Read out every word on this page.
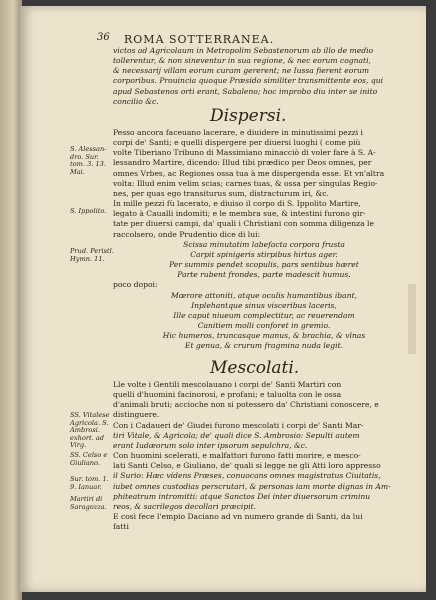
36 ROMA SOTTERRANEA.
victos ad Agricolaum in Metropolim Sebastenorum ab illo de medio
tollerentur, & non sineventur in sua regione, & nec eorum cognati,
& necessarij villam eorum curam gererent; ne Iussa fierent eorum
corporibus. Prouincia quoque Præsido similiter transmittente eos, qui
apud Sebastenos orti erant, Sabaleno; hoc improbo diu inter se inito
concilio &c.
Dispersi.
Pesso ancora faceuano lacerare, e diuidere in minutissimi pezzi i
corpi de' Santi; e quelli dispergere per diuersi luoghi ( come più
volte Tiberiano Tribuno di Massimiano minacciò di voler fare à S. A-
lessandro Martire, dicendo: Illud tibi prædico per Deos omnes, per
omnes Vrbes, ac Regiones ossa tua à me dispergenda esse. Et vn'altra
volta: Illud enim velim scias; carnes tuas, & ossa per singulas Regio-
nes, per quas ego transiturus sum, distracturum iri, &c.
In mille pezzi fù lacerato, e diuiso il corpo di S. Ippolito Martire,
legato à Caualli indomiti; e le membra sue, & intestini furono gir-
tate per diuersi campi, da' quali i Christiani con somma diligenza le
raccolsero, onde Prudentio dice di lui:
Scissa minutatim labefacta corpora frusta
Carpit spinigeris stirpibus hirtus ager.
Per summis pendet scopulis, pars sentibus hæret
Parte rubent frondes, parte madescit humus.
poco dopoi:
Mœrore attoniti, atque oculis humantibus ibant,
Inplehantque sinus visceribus laceris,
Ille caput niueum complectitur, ac reuerendam
Canitiem molli conforet in gremio.
Hic humeros, truncasque manus, & brachia, & vlnas
Et genua, & crurum fragmina nuda legit.
Mescolati.
Lle volte i Gentili mescolauano i corpi de' Santi Martiri con
quelli d'huomini facinorosi, e profani; e taluolta con le ossa
d'animali bruti; accioche non si potessero da' Christiani conoscere, e
distinguere.
Con i Cadaueri de' Giudei furono mescolati i corpi de' Santi Mar-
tiri Vitale, & Agricola; de' quali dice S. Ambrosio: Sepulti autem
erant Iudæorum solo inter ipsorum sepulchra, &c.
Con huomini scelerati, e malfattori furono fatti morire, e mesco-
lati Santi Celso, e Giuliano, de' quali si legge ne gli Atti loro appresso
il Surio: Hæc videns Præses, conuocans omnes magistratus Ciuitatis,
iubet omnes custodias perscrutari, & personas iam morte dignas in Am-
phiteatrum intromitti: atque Sanctos Dei inter diuersorum criminu
reos, & sacrilegos decollari præcipit.
E così fece l'empio Daciano ad vn numero grande di Santi, da lui
fatti
S. Alessan-dro. Sur. tom. 3. 13. Mai.
S. Ippolito.
Prud. Peristl. Hymn. 11.
SS. Vitalese Agricola. S. Ambrosi. exhort. ad Virg.
SS. Celso e Giuliano.
Sur. tom. 1. 9. Ianuar.
Martiri di Saragozza.
